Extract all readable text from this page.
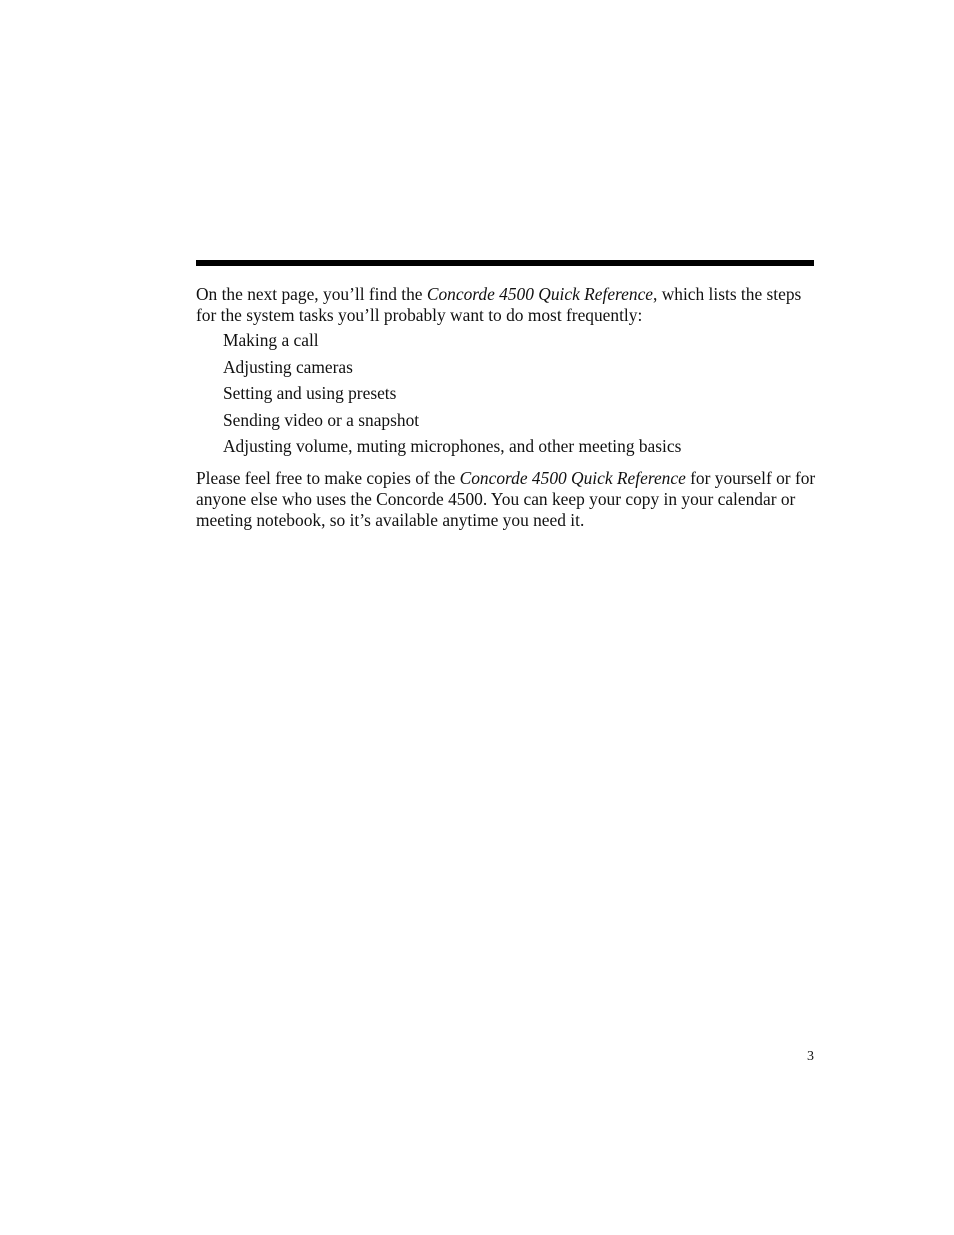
On the next page, you’ll find the Concorde 4500 Quick Reference, which lists the steps for the system tasks you’ll probably want to do most frequently:

Making a call
Adjusting cameras
Setting and using presets
Sending video or a snapshot
Adjusting volume, muting microphones, and other meeting basics

Please feel free to make copies of the Concorde 4500 Quick Reference for yourself or for anyone else who uses the Concorde 4500. You can keep your copy in your calendar or meeting notebook, so it’s available anytime you need it.

3
